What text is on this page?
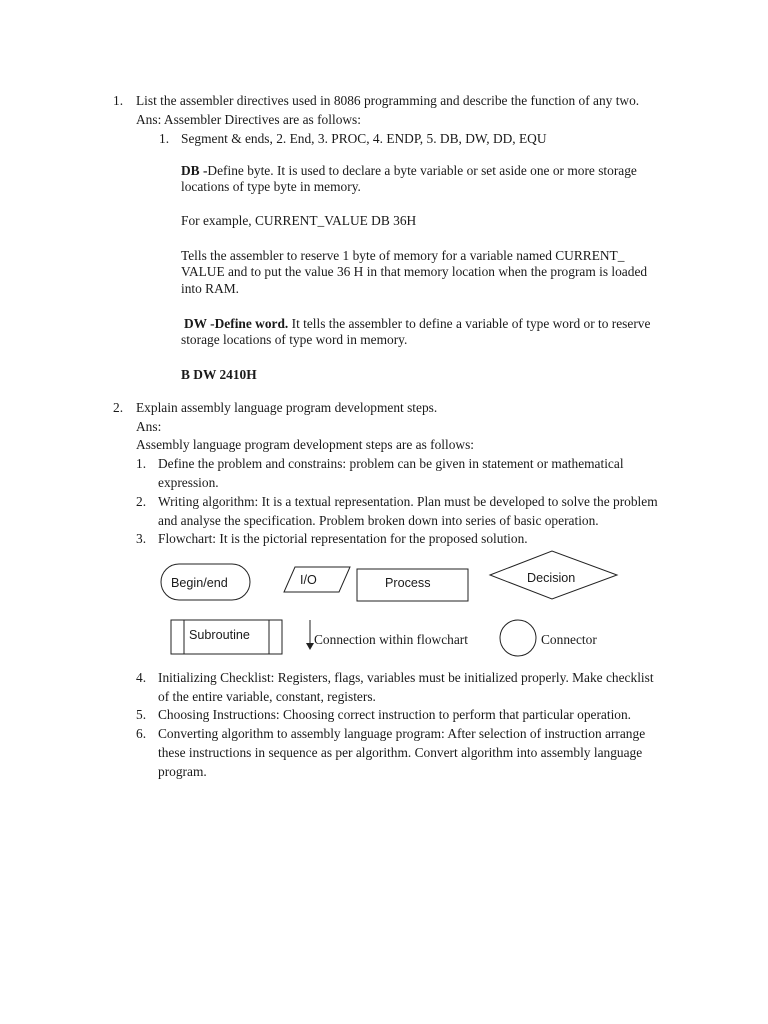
1. List the assembler directives used in 8086 programming and describe the function of any two.
Ans: Assembler Directives are as follows:
1. Segment & ends, 2. End, 3. PROC, 4. ENDP, 5. DB, DW, DD, EQU
DB -Define byte. It is used to declare a byte variable or set aside one or more storage
locations of type byte in memory.
For example, CURRENT_VALUE DB 36H
Tells the assembler to reserve 1 byte of memory for a variable named CURRENT_
VALUE and to put the value 36 H in that memory location when the program is loaded
into RAM.
DW -Define word. It tells the assembler to define a variable of type word or to reserve
storage locations of type word in memory.
B DW 2410H
2. Explain assembly language program development steps.
Ans:
Assembly language program development steps are as follows:
1. Define the problem and constrains: problem can be given in statement or mathematical
expression.
2. Writing algorithm: It is a textual representation. Plan must be developed to solve the problem
and analyse the specification. Problem broken down into series of basic operation.
3. Flowchart: It is the pictorial representation for the proposed solution.
Begin/end	I/O	Process	Decision
Subroutine	Connection within flowchart	Connector
4. Initializing Checklist: Registers, flags, variables must be initialized properly. Make checklist
of the entire variable, constant, registers.
5. Choosing Instructions: Choosing correct instruction to perform that particular operation.
6. Converting algorithm to assembly language program: After selection of instruction arrange
these instructions in sequence as per algorithm. Convert algorithm into assembly language
program.
